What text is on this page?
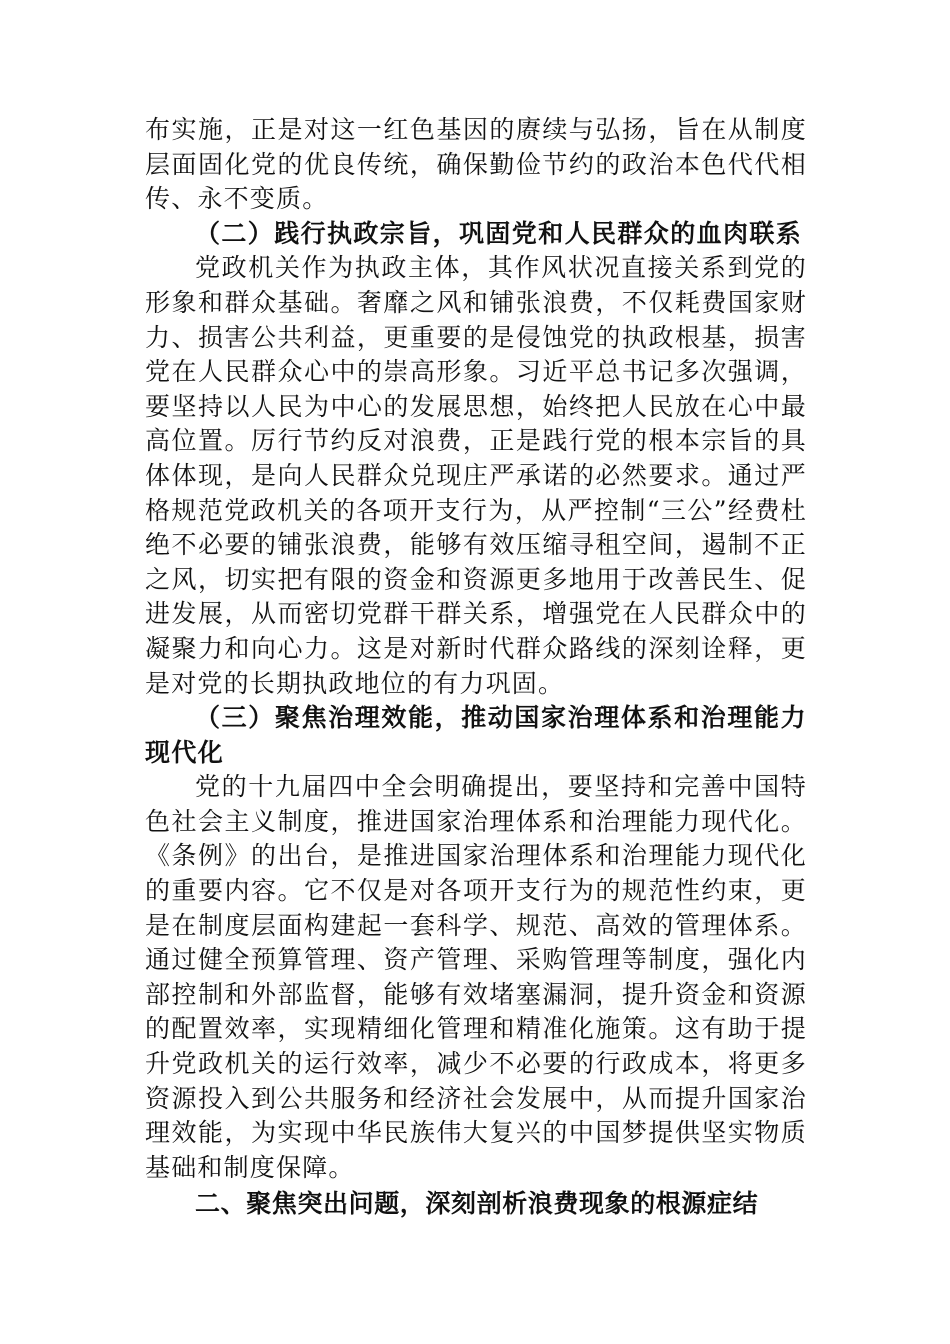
布实施，正是对这一红色基因的赓续与弘扬，旨在从制度层面固化党的优良传统，确保勤俭节约的政治本色代代相传、永不变质。

（二）践行执政宗旨，巩固党和人民群众的血肉联系

党政机关作为执政主体，其作风状况直接关系到党的形象和群众基础。奢靡之风和铺张浪费，不仅耗费国家财力、损害公共利益，更重要的是侵蚀党的执政根基，损害党在人民群众心中的崇高形象。习近平总书记多次强调，要坚持以人民为中心的发展思想，始终把人民放在心中最高位置。厉行节约反对浪费，正是践行党的根本宗旨的具体体现，是向人民群众兑现庄严承诺的必然要求。通过严格规范党政机关的各项开支行为，从严控制“三公”经费杜绝不必要的铺张浪费，能够有效压缩寻租空间，遏制不正之风，切实把有限的资金和资源更多地用于改善民生、促进发展，从而密切党群干群关系，增强党在人民群众中的凝聚力和向心力。这是对新时代群众路线的深刻诠释，更是对党的长期执政地位的有力巩固。

（三）聚焦治理效能，推动国家治理体系和治理能力现代化

党的十九届四中全会明确提出，要坚持和完善中国特色社会主义制度，推进国家治理体系和治理能力现代化。《条例》的出台，是推进国家治理体系和治理能力现代化的重要内容。它不仅是对各项开支行为的规范性约束，更是在制度层面构建起一套科学、规范、高效的管理体系。通过健全预算管理、资产管理、采购管理等制度，强化内部控制和外部监督，能够有效堵塞漏洞，提升资金和资源的配置效率，实现精细化管理和精准化施策。这有助于提升党政机关的运行效率，减少不必要的行政成本，将更多资源投入到公共服务和经济社会发展中，从而提升国家治理效能，为实现中华民族伟大复兴的中国梦提供坚实物质基础和制度保障。

二、聚焦突出问题，深刻剖析浪费现象的根源症结
